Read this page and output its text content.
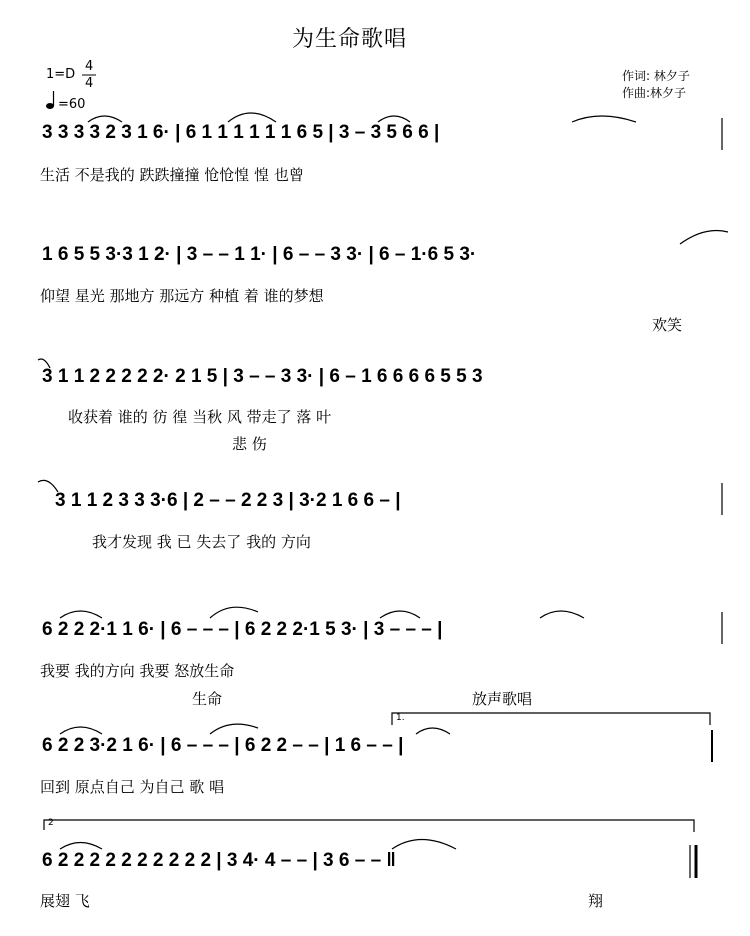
为生命歌唱
1=D
4
4
=60
作词: 林夕子
作曲:林夕子
3 3 3 3 2 3 1 6· | 6 1 1 1 1 1 1 6 5 | 3 – 3 5 6 6 |
生活 不是我的 跌跌撞撞 怆怆惶 惶 也曾
1 6 5 5 3·3 1 2· | 3 – – 1 1· | 6 – – 3 3· | 6 – 1·6 5 3·
仰望 星光 那地方 那远方 种植 着 谁的梦想
欢笑
3 1 1 2 2 2 2 2· 2 1 5 | 3 – – 3 3· | 6 – 1 6 6 6 6 5 5 3
收获着 谁的 彷 徨 当秋 风 带走了 落 叶
悲 伤
3 1 1 2 3 3 3·6 | 2 – – 2 2 3 | 3·2 1 6 6 – |
我才发现 我 已 失去了 我的 方向
6 2 2 2·1 1 6· | 6 – – – | 6 2 2 2·1 5 3· | 3 – – – |
我要 我的方向 我要 怒放生命
生命	放声歌唱
1.
6 2 2 3·2 1 6· | 6 – – – | 6 2 2 – – | 1 6 – – |
回到 原点自己 为自己 歌 唱
2
6 2 2 2 2 2 2 2 2 2 2 | 3 4· 4 – – | 3 6 – – ‖
展翅 飞	翔
